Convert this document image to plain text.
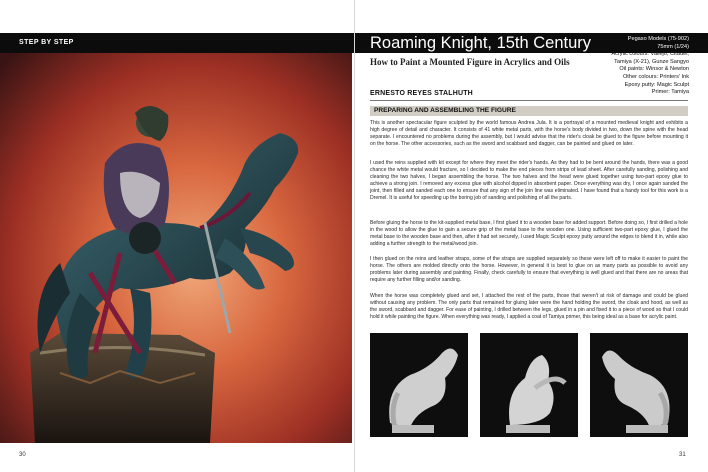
STEP BY STEP	Roaming Knight, 15th Century	Pegaso Models (75-902)
75mm (1/24)
Acrylic colours: Vallejo, Citadel,
Tamiya (X-21), Gunze Sangyo
Oil paints: Winsor & Newton
Other colours: Printers' Ink
Epoxy putty: Magic Sculpt
Primer: Tamiya
How to Paint a Mounted Figure in Acrylics and Oils
ERNESTO REYES STALHUTH
PREPARING AND ASSEMBLING THE FIGURE

This is another spectacular figure sculpted by the world famous Andrea Jula. It is a portrayal of a mounted medieval knight and exhibits a high degree of detail and character. It consists of 41 white metal parts, with the horse's body divided in two, down the spine with the head separate. I encountered no problems during the assembly, but I would advise that the rider's cloak be glued to the figure before mounting it on the horse. The other accessories, such as the sword and scabbard and dagger, can be painted and glued on later.

I used the reins supplied with kit except for where they meet the rider's hands. As they had to be bent around the hands, there was a good chance the white metal would fracture, so I decided to make the end pieces from strips of lead sheet. After carefully sanding, polishing and cleaning the two halves, I began assembling the horse. The two halves and the head were glued together using two-part epoxy glue to achieve a strong join. I removed any excess glue with alcohol dipped in absorbent paper. Once everything was dry, I once again sanded the joint, then filled and sanded each one to ensure that any sign of the join line was eliminated. I have found that a handy tool for this work is a Dremel. It is useful for speeding up the boring job of sanding and polishing of all the parts.

Before gluing the horse to the kit-supplied metal base, I first glued it to a wooden base for added support. Before doing so, I first drilled a hole in the wood to allow the glue to gain a secure grip of the metal base to the wooden one. Using sufficient two-part epoxy glue, I glued the metal base to the wooden base and then, after it had set securely, I used Magic Sculpt epoxy putty around the edges to blend it in, while also adding a further strength to the metal/wood join.

I then glued on the reins and leather straps, some of the straps are supplied separately so these were left off to make it easier to paint the horse. The others are molded directly onto the horse. However, in general it is best to glue on as many parts as possible to avoid any problems later during assembly and painting. Finally, check carefully to ensure that everything is well glued and that there are no areas that require any further filling and/or sanding.

When the horse was completely glued and set, I attached the rest of the parts, those that weren't at risk of damage and could be glued without causing any problem. The only parts that remained for gluing later were the hand holding the sword, the cloak and hood, as well as the sword, scabbard and dagger. For ease of painting, I drilled between the legs, glued in a pin and fixed it to a piece of wood so that I could hold it while painting the figure. When everything was ready, I applied a coat of Tamiya primer, this being ideal as a base for acrylic paint.

30	31
